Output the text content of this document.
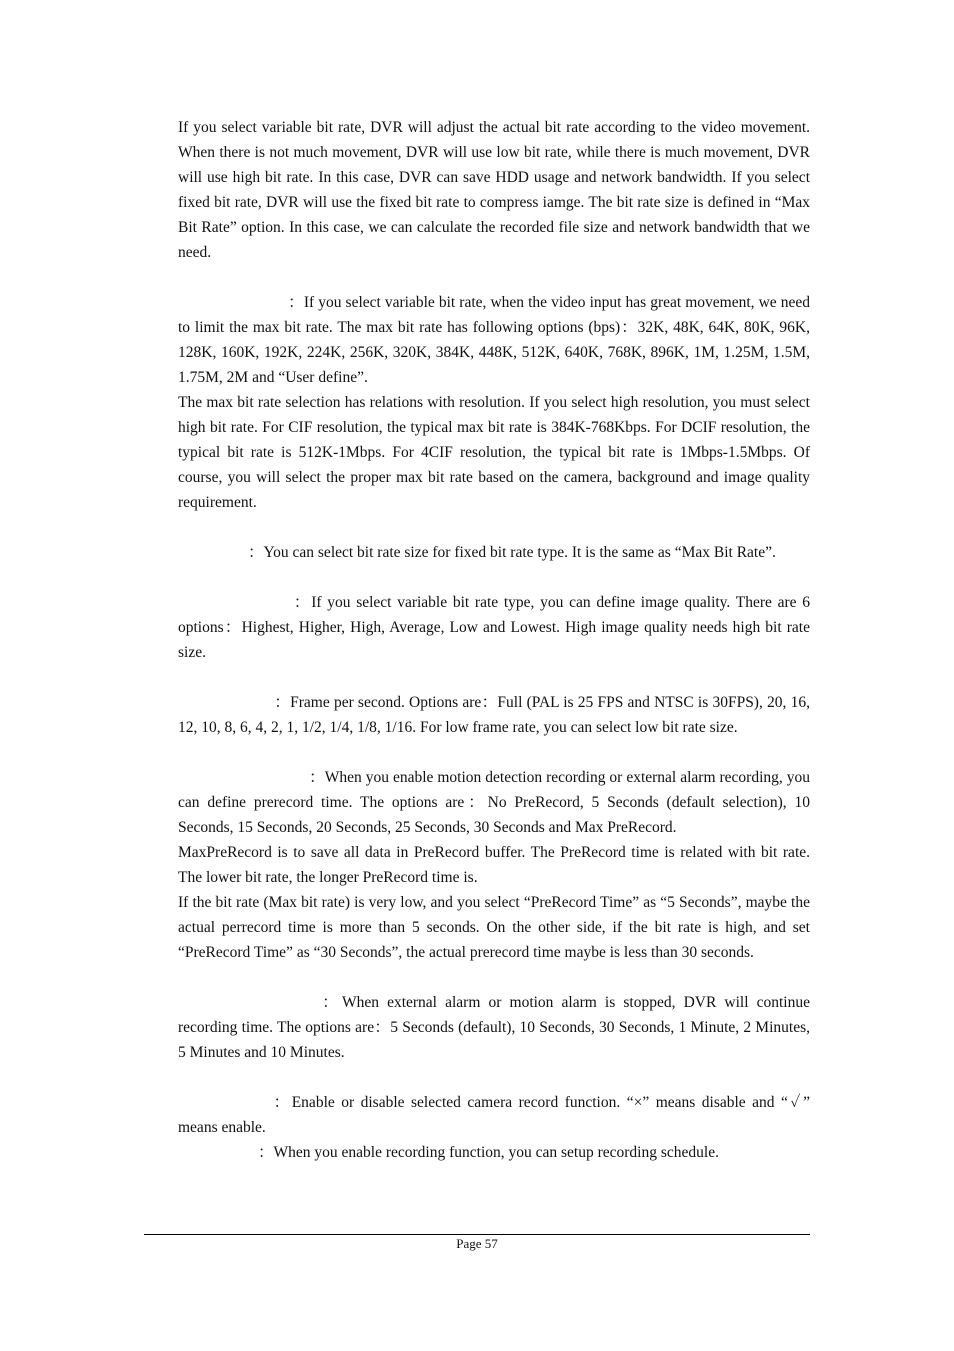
If you select variable bit rate, DVR will adjust the actual bit rate according to the video movement. When there is not much movement, DVR will use low bit rate, while there is much movement, DVR will use high bit rate. In this case, DVR can save HDD usage and network bandwidth. If you select fixed bit rate, DVR will use the fixed bit rate to compress iamge. The bit rate size is defined in “Max Bit Rate” option. In this case, we can calculate the recorded file size and network bandwidth that we need.

：If you select variable bit rate, when the video input has great movement, we need to limit the max bit rate. The max bit rate has following options (bps)：32K, 48K, 64K, 80K, 96K, 128K, 160K, 192K, 224K, 256K, 320K, 384K, 448K, 512K, 640K, 768K, 896K, 1M, 1.25M, 1.5M, 1.75M, 2M and “User define”.

The max bit rate selection has relations with resolution. If you select high resolution, you must select high bit rate. For CIF resolution, the typical max bit rate is 384K-768Kbps. For DCIF resolution, the typical bit rate is 512K-1Mbps. For 4CIF resolution, the typical bit rate is 1Mbps-1.5Mbps. Of course, you will select the proper max bit rate based on the camera, background and image quality requirement.

：You can select bit rate size for fixed bit rate type. It is the same as “Max Bit Rate”.

：If you select variable bit rate type, you can define image quality. There are 6 options：Highest, Higher, High, Average, Low and Lowest. High image quality needs high bit rate size.

：Frame per second. Options are：Full (PAL is 25 FPS and NTSC is 30FPS), 20, 16, 12, 10, 8, 6, 4, 2, 1, 1/2, 1/4, 1/8, 1/16. For low frame rate, you can select low bit rate size.

：When you enable motion detection recording or external alarm recording, you can define prerecord time. The options are：No PreRecord, 5 Seconds (default selection), 10 Seconds, 15 Seconds, 20 Seconds, 25 Seconds, 30 Seconds and Max PreRecord.

MaxPreRecord is to save all data in PreRecord buffer. The PreRecord time is related with bit rate. The lower bit rate, the longer PreRecord time is.

If the bit rate (Max bit rate) is very low, and you select “PreRecord Time” as “5 Seconds”, maybe the actual perrecord time is more than 5 seconds. On the other side, if the bit rate is high, and set “PreRecord Time” as “30 Seconds”, the actual prerecord time maybe is less than 30 seconds.

：When external alarm or motion alarm is stopped, DVR will continue recording time. The options are：5 Seconds (default), 10 Seconds, 30 Seconds, 1 Minute, 2 Minutes, 5 Minutes and 10 Minutes.

：Enable or disable selected camera record function. “×” means disable and “✓” means enable.

：When you enable recording function, you can setup recording schedule.

Page 57
